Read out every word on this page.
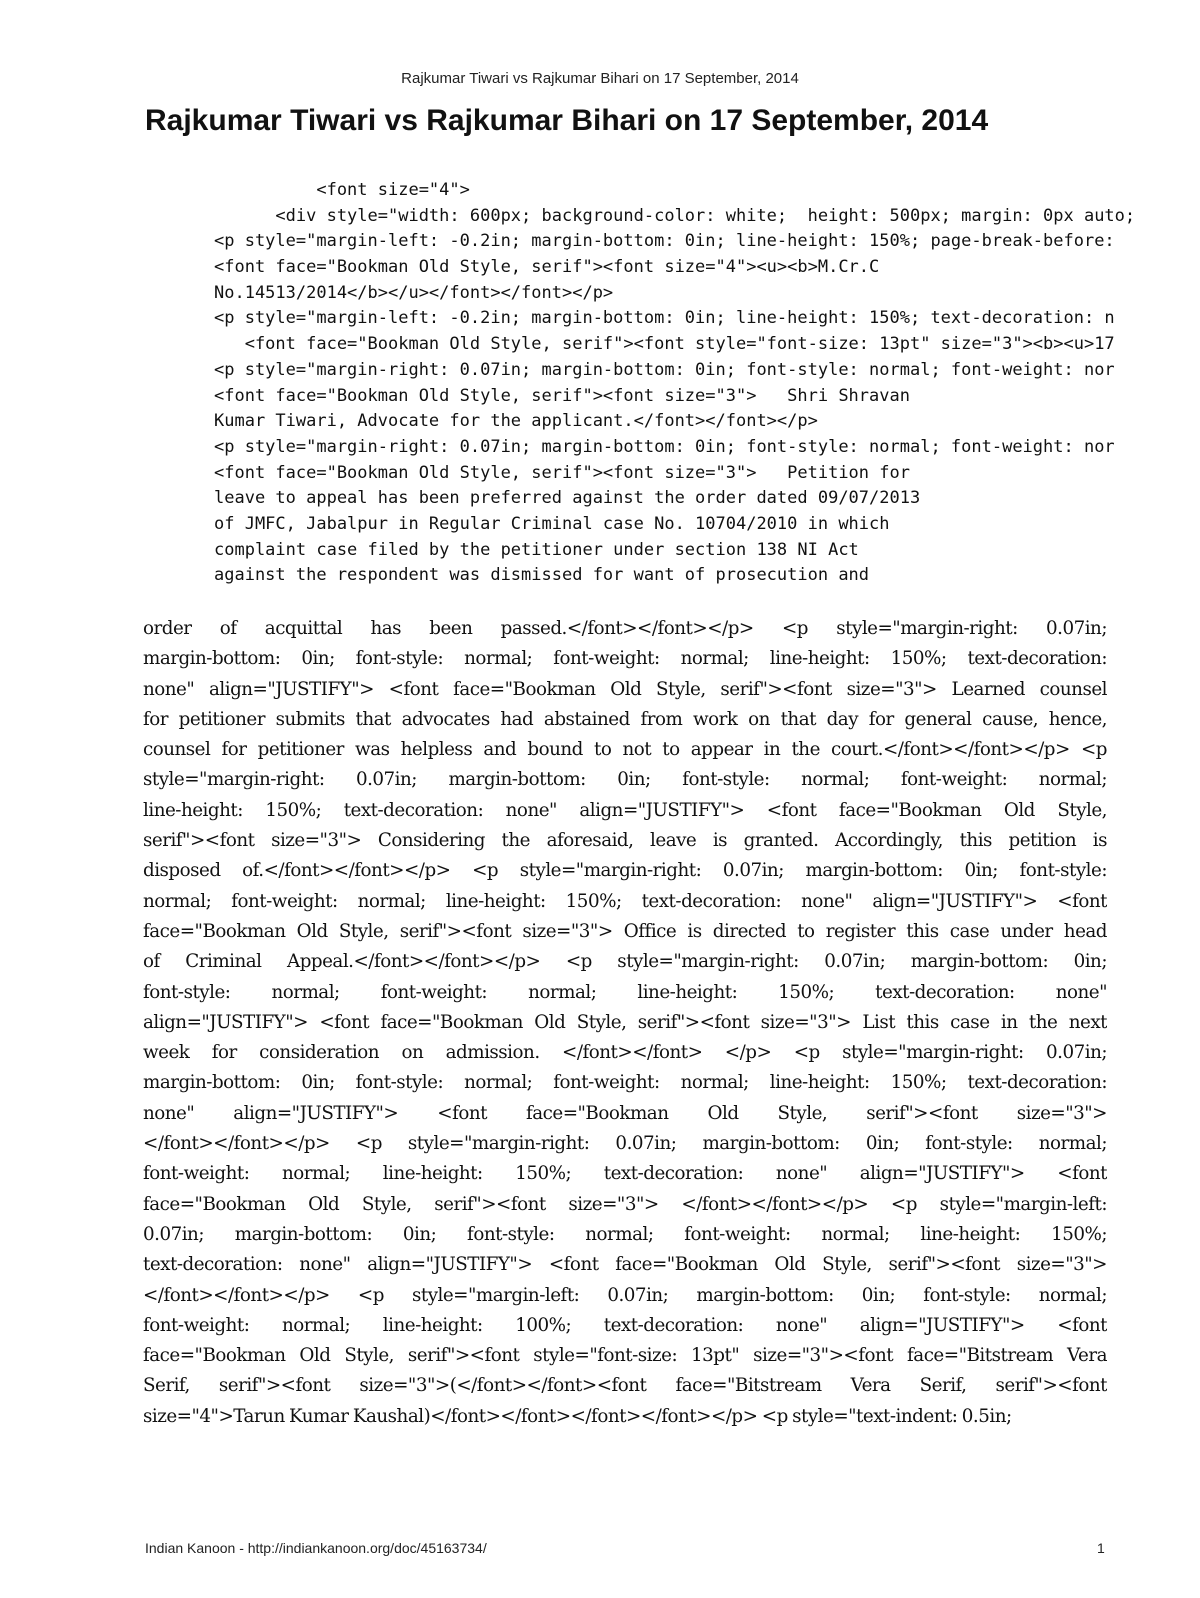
Rajkumar Tiwari vs Rajkumar Bihari on 17 September, 2014
Rajkumar Tiwari vs Rajkumar Bihari on 17 September, 2014
<font size="4">
<div style="width: 600px; background-color: white;  height: 500px; margin: 0px auto;
<p style="margin-left: -0.2in; margin-bottom: 0in; line-height: 150%; page-break-before:
<font face="Bookman Old Style, serif"><font size="4"><u><b>M.Cr.C
No.14513/2014</b></u></font></font></p>
<p style="margin-left: -0.2in; margin-bottom: 0in; line-height: 150%; text-decoration: n
<font face="Bookman Old Style, serif"><font style="font-size: 13pt" size="3"><b><u>17
<p style="margin-right: 0.07in; margin-bottom: 0in; font-style: normal; font-weight: nor
<font face="Bookman Old Style, serif"><font size="3">   Shri Shravan
Kumar Tiwari, Advocate for the applicant.</font></font></p>
<p style="margin-right: 0.07in; margin-bottom: 0in; font-style: normal; font-weight: nor
<font face="Bookman Old Style, serif"><font size="3">   Petition for
leave to appeal has been preferred against the order dated 09/07/2013
of JMFC, Jabalpur in Regular Criminal case No. 10704/2010 in which
complaint case filed by the petitioner under section 138 NI Act
against the respondent was dismissed for want of prosecution and
order of acquittal has been passed.</font></font></p> <p style="margin-right: 0.07in;
margin-bottom: 0in; font-style: normal; font-weight: normal; line-height: 150%; text-decoration:
none" align="JUSTIFY"> <font face="Bookman Old Style, serif"><font size="3"> Learned counsel
for petitioner submits that advocates had abstained from work on that day for general cause, hence,
counsel for petitioner was helpless and bound to not to appear in the court.</font></font></p> <p
style="margin-right: 0.07in; margin-bottom: 0in; font-style: normal; font-weight: normal;
line-height: 150%; text-decoration: none" align="JUSTIFY"> <font face="Bookman Old Style,
serif"><font size="3"> Considering the aforesaid, leave is granted. Accordingly, this petition is
disposed of.</font></font></p> <p style="margin-right: 0.07in; margin-bottom: 0in; font-style:
normal; font-weight: normal; line-height: 150%; text-decoration: none" align="JUSTIFY"> <font
face="Bookman Old Style, serif"><font size="3"> Office is directed to register this case under head
of Criminal Appeal.</font></font></p> <p style="margin-right: 0.07in; margin-bottom: 0in;
font-style: normal; font-weight: normal; line-height: 150%; text-decoration: none"
align="JUSTIFY"> <font face="Bookman Old Style, serif"><font size="3"> List this case in the next
week for consideration on admission. </font></font> </p> <p style="margin-right: 0.07in;
margin-bottom: 0in; font-style: normal; font-weight: normal; line-height: 150%; text-decoration:
none" align="JUSTIFY"> <font face="Bookman Old Style, serif"><font size="3">
</font></font></p> <p style="margin-right: 0.07in; margin-bottom: 0in; font-style: normal;
font-weight: normal; line-height: 150%; text-decoration: none" align="JUSTIFY"> <font
face="Bookman Old Style, serif"><font size="3"> </font></font></p> <p style="margin-left:
0.07in; margin-bottom: 0in; font-style: normal; font-weight: normal; line-height: 150%;
text-decoration: none" align="JUSTIFY"> <font face="Bookman Old Style, serif"><font size="3">
</font></font></p> <p style="margin-left: 0.07in; margin-bottom: 0in; font-style: normal;
font-weight: normal; line-height: 100%; text-decoration: none" align="JUSTIFY"> <font
face="Bookman Old Style, serif"><font style="font-size: 13pt" size="3"><font face="Bitstream Vera
Serif, serif"><font size="3">(</font></font><font face="Bitstream Vera Serif, serif"><font
size="4">Tarun Kumar Kaushal)</font></font></font></font></p> <p style="text-indent: 0.5in;
Indian Kanoon - http://indiankanoon.org/doc/45163734/	1
